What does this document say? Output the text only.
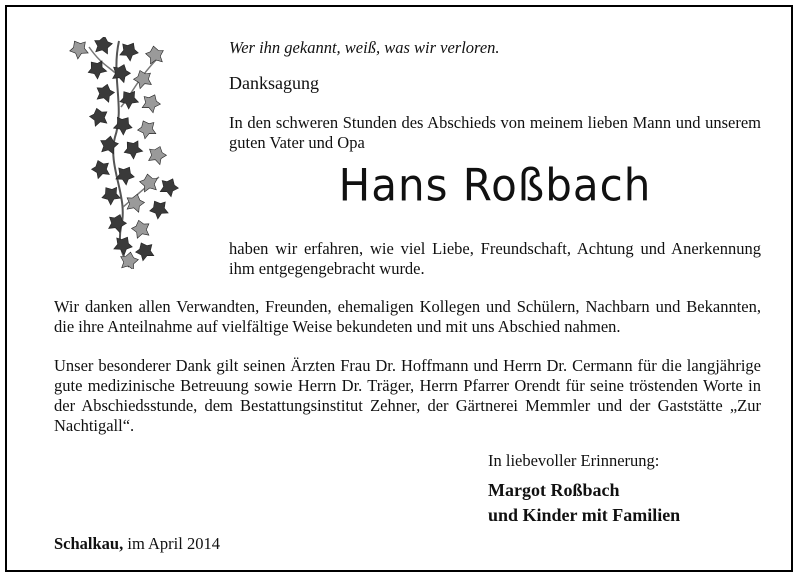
Wer ihn gekannt, weiß, was wir verloren.
Danksagung
In den schweren Stunden des Abschieds von meinem lieben Mann und unserem guten Vater und Opa
Hans Roßbach
haben wir erfahren, wie viel Liebe, Freundschaft, Achtung und Anerkennung ihm entgegengebracht wurde.
Wir danken allen Verwandten, Freunden, ehemaligen Kollegen und Schülern, Nachbarn und Bekannten, die ihre Anteilnahme auf vielfältige Weise bekundeten und mit uns Abschied nahmen.
Unser besonderer Dank gilt seinen Ärzten Frau Dr. Hoffmann und Herrn Dr. Cermann für die langjährige gute medizinische Betreuung sowie Herrn Dr. Träger, Herrn Pfarrer Orendt für seine tröstenden Worte in der Abschiedsstunde, dem Bestattungsinstitut Zehner, der Gärtnerei Memmler und der Gaststätte „Zur Nachtigall“.
In liebevoller Erinnerung:
Margot Roßbach
und Kinder mit Familien
Schalkau, im April 2014
